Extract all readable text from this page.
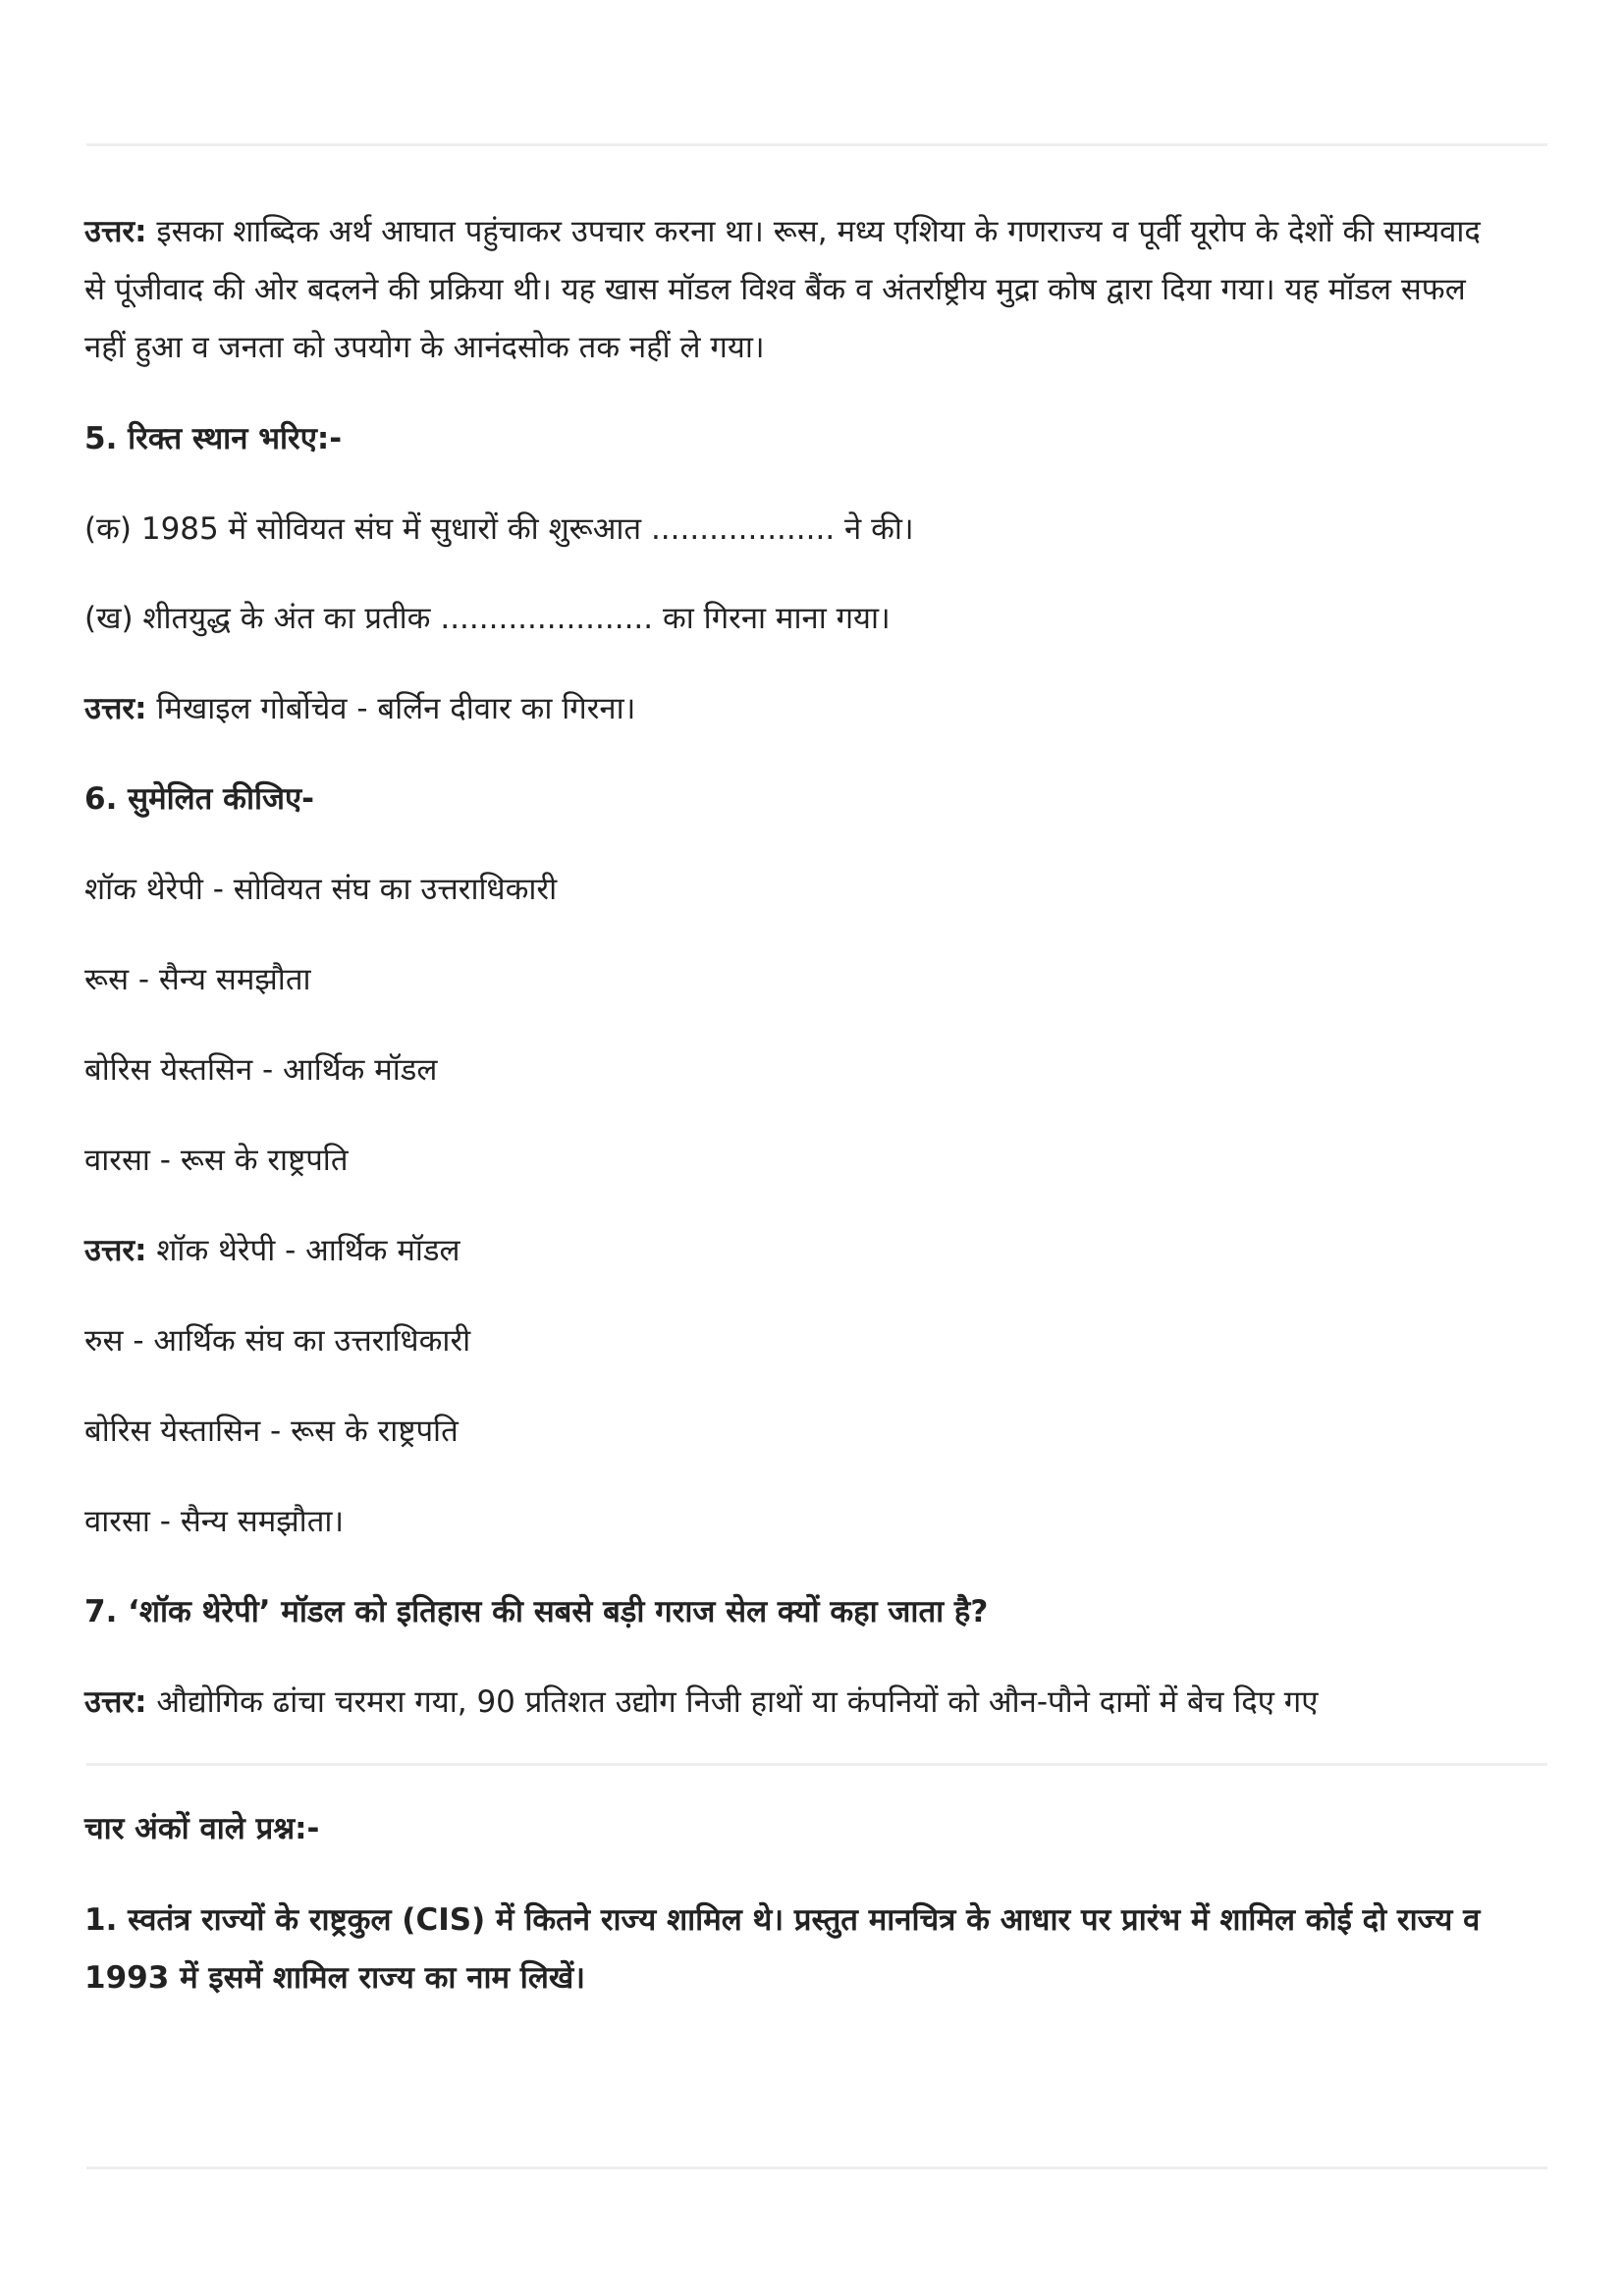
उत्तर: इसका शाब्दिक अर्थ आघात पहुंचाकर उपचार करना था। रूस, मध्य एशिया के गणराज्य व पूर्वी यूरोप के देशों की साम्यवाद
से पूंजीवाद की ओर बदलने की प्रक्रिया थी। यह खास मॉडल विश्व बैंक व अंतर्राष्ट्रीय मुद्रा कोष द्वारा दिया गया। यह मॉडल सफल
नहीं हुआ व जनता को उपयोग के आनंदसोक तक नहीं ले गया।
5. रिक्त स्थान भरिए:-
(क) 1985 में सोवियत संघ में सुधारों की शुरूआत ................... ने की।
(ख) शीतयुद्ध के अंत का प्रतीक ...................... का गिरना माना गया।
उत्तर: मिखाइल गोर्बोचेव - बर्लिन दीवार का गिरना।
6. सुमेलित कीजिए-
शॉक थेरेपी - सोवियत संघ का उत्तराधिकारी
रूस - सैन्य समझौता
बोरिस येस्तसिन - आर्थिक मॉडल
वारसा - रूस के राष्ट्रपति
उत्तर: शॉक थेरेपी - आर्थिक मॉडल
रुस - आर्थिक संघ का उत्तराधिकारी
बोरिस येस्तासिन - रूस के राष्ट्रपति
वारसा - सैन्य समझौता।
7. ‘शॉक थेरेपी’ मॉडल को इतिहास की सबसे बड़ी गराज सेल क्यों कहा जाता है?
उत्तर: औद्योगिक ढांचा चरमरा गया, 90 प्रतिशत उद्योग निजी हाथों या कंपनियों को औन-पौने दामों में बेच दिए गए
चार अंकों वाले प्रश्न:-
1. स्वतंत्र राज्यों के राष्ट्रकुल (CIS) में कितने राज्य शामिल थे। प्रस्तुत मानचित्र के आधार पर प्रारंभ में शामिल कोई दो राज्य व
1993 में इसमें शामिल राज्य का नाम लिखें।
